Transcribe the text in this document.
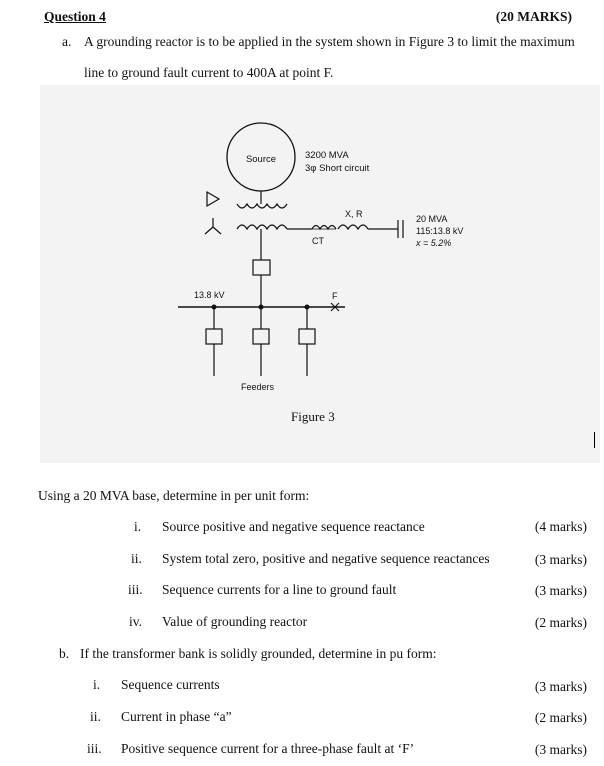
Question 4	(20 MARKS)
a. A grounding reactor is to be applied in the system shown in Figure 3 to limit the maximum
line to ground fault current to 400A at point F.
Source	3200 MVA
3φ Short circuit
CT
X, R	20 MVA
115:13.8 kV
x = 5.2%
13.8 kV	F
Feeders
Figure 3
Using a 20 MVA base, determine in per unit form:
i. Source positive and negative sequence reactance	(4 marks)
ii. System total zero, positive and negative sequence reactances	(3 marks)
iii. Sequence currents for a line to ground fault	(3 marks)
iv. Value of grounding reactor	(2 marks)
b. If the transformer bank is solidly grounded, determine in pu form:
i. Sequence currents	(3 marks)
ii. Current in phase “a”	(2 marks)
iii. Positive sequence current for a three-phase fault at ‘F’	(3 marks)
